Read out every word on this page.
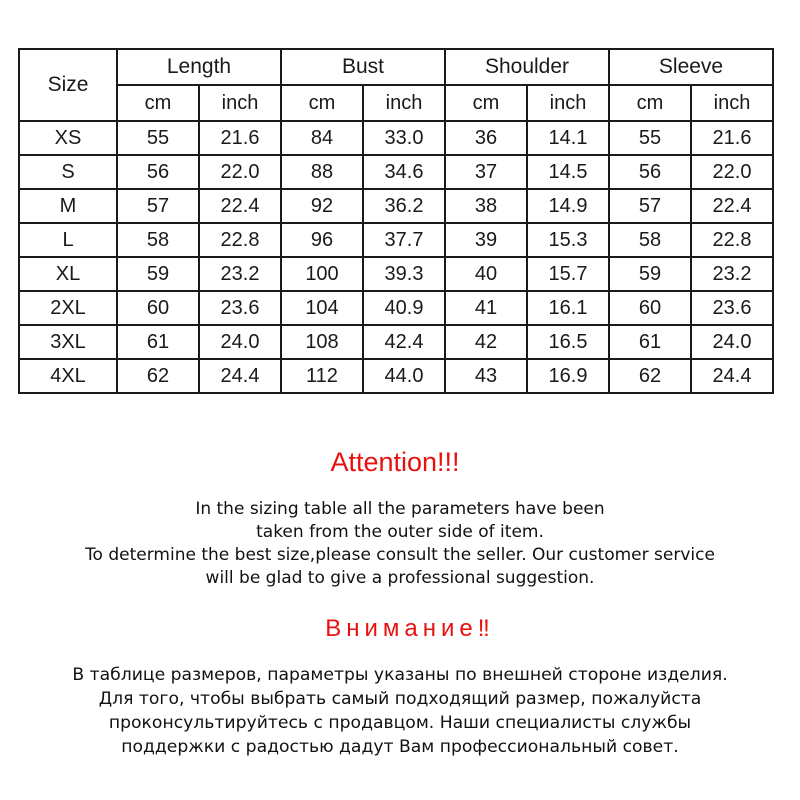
Size	Length		Bust		Shoulder		Sleeve	
	cm	inch	cm	inch	cm	inch	cm	inch
XS	55	21.6	84	33.0	36	14.1	55	21.6
S	56	22.0	88	34.6	37	14.5	56	22.0
M	57	22.4	92	36.2	38	14.9	57	22.4
L	58	22.8	96	37.7	39	15.3	58	22.8
XL	59	23.2	100	39.3	40	15.7	59	23.2
2XL	60	23.6	104	40.9	41	16.1	60	23.6
3XL	61	24.0	108	42.4	42	16.5	61	24.0
4XL	62	24.4	112	44.0	43	16.9	62	24.4

Attention!!!

In the sizing table all the parameters have been
taken from the outer side of item.

To determine the best size,please consult the seller. Our customer service
will be glad to give a professional suggestion.

Внимание‼

В таблице размеров, параметры указаны по внешней стороне изделия.
Для того, чтобы выбрать самый подходящий размер, пожалуйста
проконсультируйтесь с продавцом. Наши специалисты службы
поддержки с радостью дадут Вам профессиональный совет.
